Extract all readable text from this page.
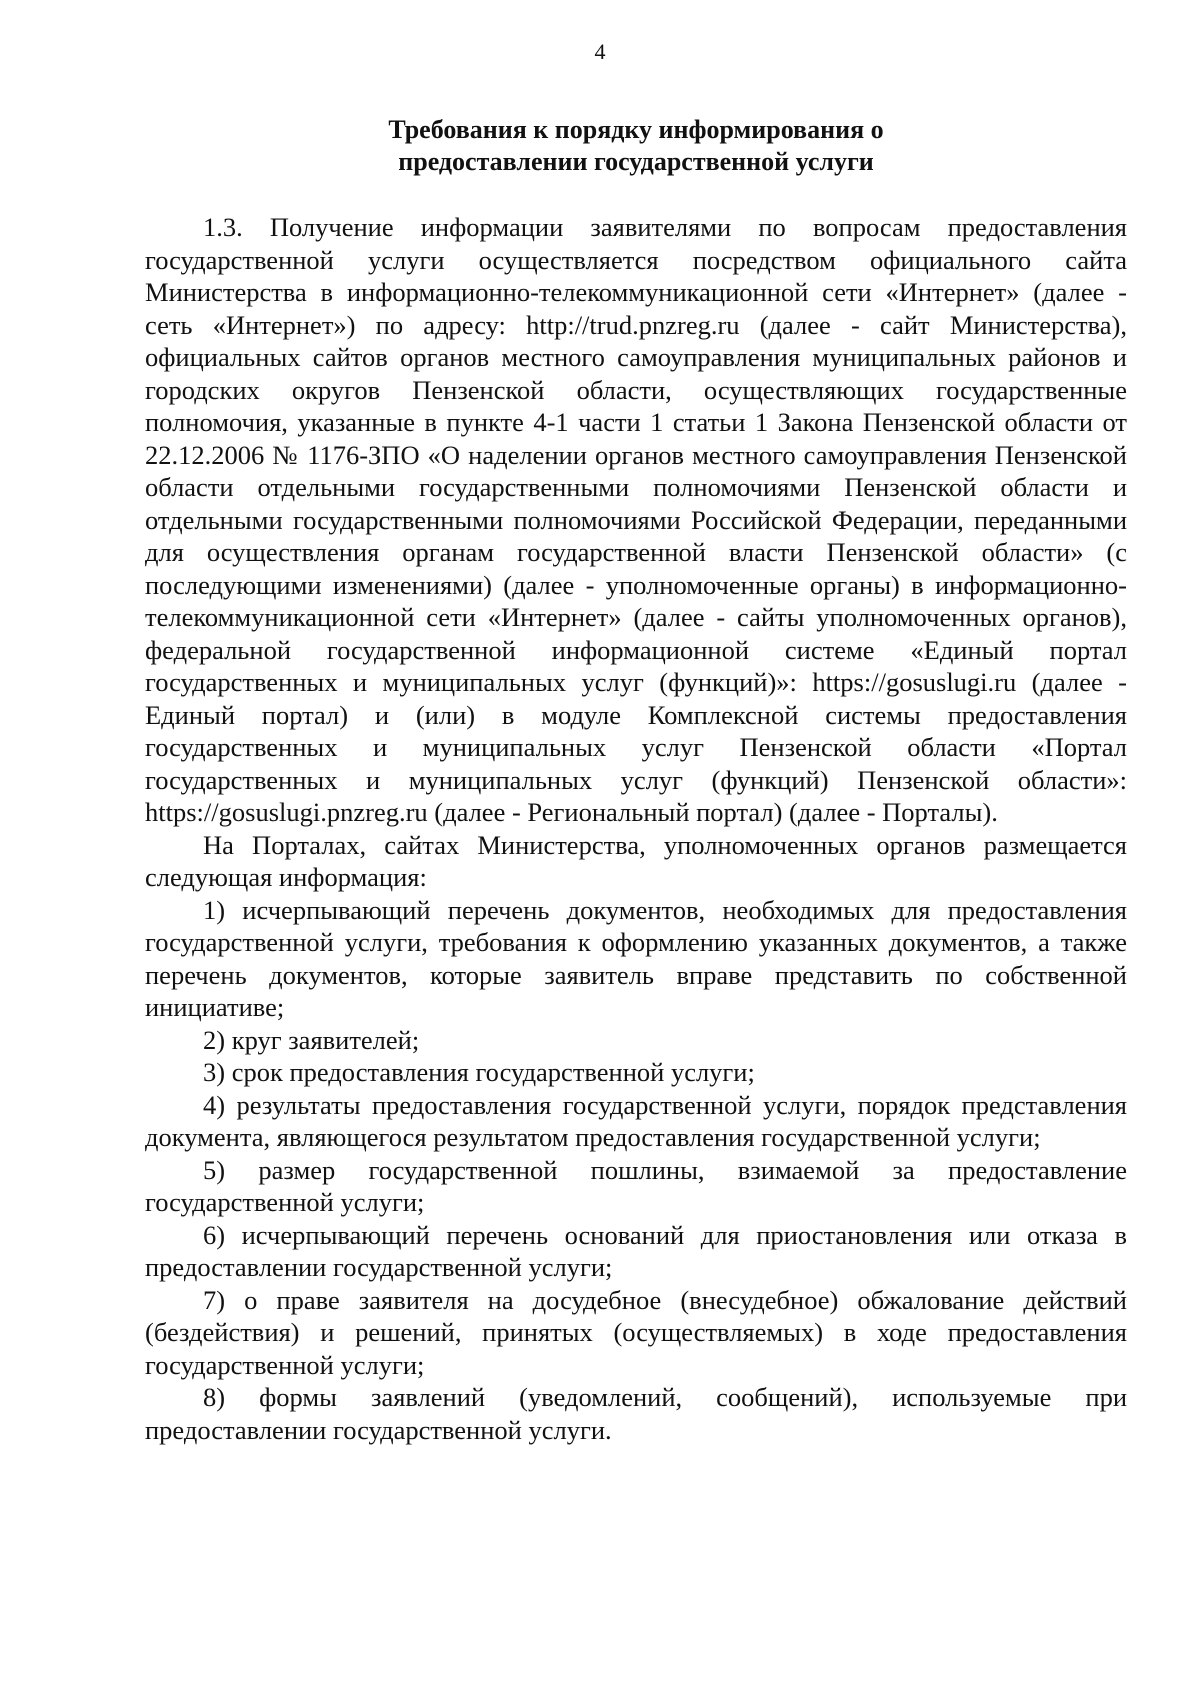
4
Требования к порядку информирования о
предоставлении государственной услуги

1.3. Получение информации заявителями по вопросам предоставления государственной услуги осуществляется посредством официального сайта Министерства в информационно-телекоммуникационной сети «Интернет» (далее - сеть «Интернет») по адресу: http://trud.pnzreg.ru (далее - сайт Министерства), официальных сайтов органов местного самоуправления муниципальных районов и городских округов Пензенской области, осуществляющих государственные полномочия, указанные в пункте 4-1 части 1 статьи 1 Закона Пензенской области от 22.12.2006 № 1176-ЗПО «О наделении органов местного самоуправления Пензенской области отдельными государственными полномочиями Пензенской области и отдельными государственными полномочиями Российской Федерации, переданными для осуществления органам государственной власти Пензенской области» (с последующими изменениями) (далее - уполномоченные органы) в информационно-телекоммуникационной сети «Интернет» (далее - сайты уполномоченных органов), федеральной государственной информационной системе «Единый портал государственных и муниципальных услуг (функций)»: https://gosuslugi.ru (далее - Единый портал) и (или) в модуле Комплексной системы предоставления государственных и муниципальных услуг Пензенской области «Портал государственных и муниципальных услуг (функций) Пензенской области»: https://gosuslugi.pnzreg.ru (далее - Региональный портал) (далее - Порталы).

На Порталах, сайтах Министерства, уполномоченных органов размещается следующая информация:

1) исчерпывающий перечень документов, необходимых для предоставления государственной услуги, требования к оформлению указанных документов, а также перечень документов, которые заявитель вправе представить по собственной инициативе;

2) круг заявителей;

3) срок предоставления государственной услуги;

4) результаты предоставления государственной услуги, порядок представления документа, являющегося результатом предоставления государственной услуги;

5) размер государственной пошлины, взимаемой за предоставление государственной услуги;

6) исчерпывающий перечень оснований для приостановления или отказа в предоставлении государственной услуги;

7) о праве заявителя на досудебное (внесудебное) обжалование действий (бездействия) и решений, принятых (осуществляемых) в ходе предоставления государственной услуги;

8) формы заявлений (уведомлений, сообщений), используемые при предоставлении государственной услуги.
